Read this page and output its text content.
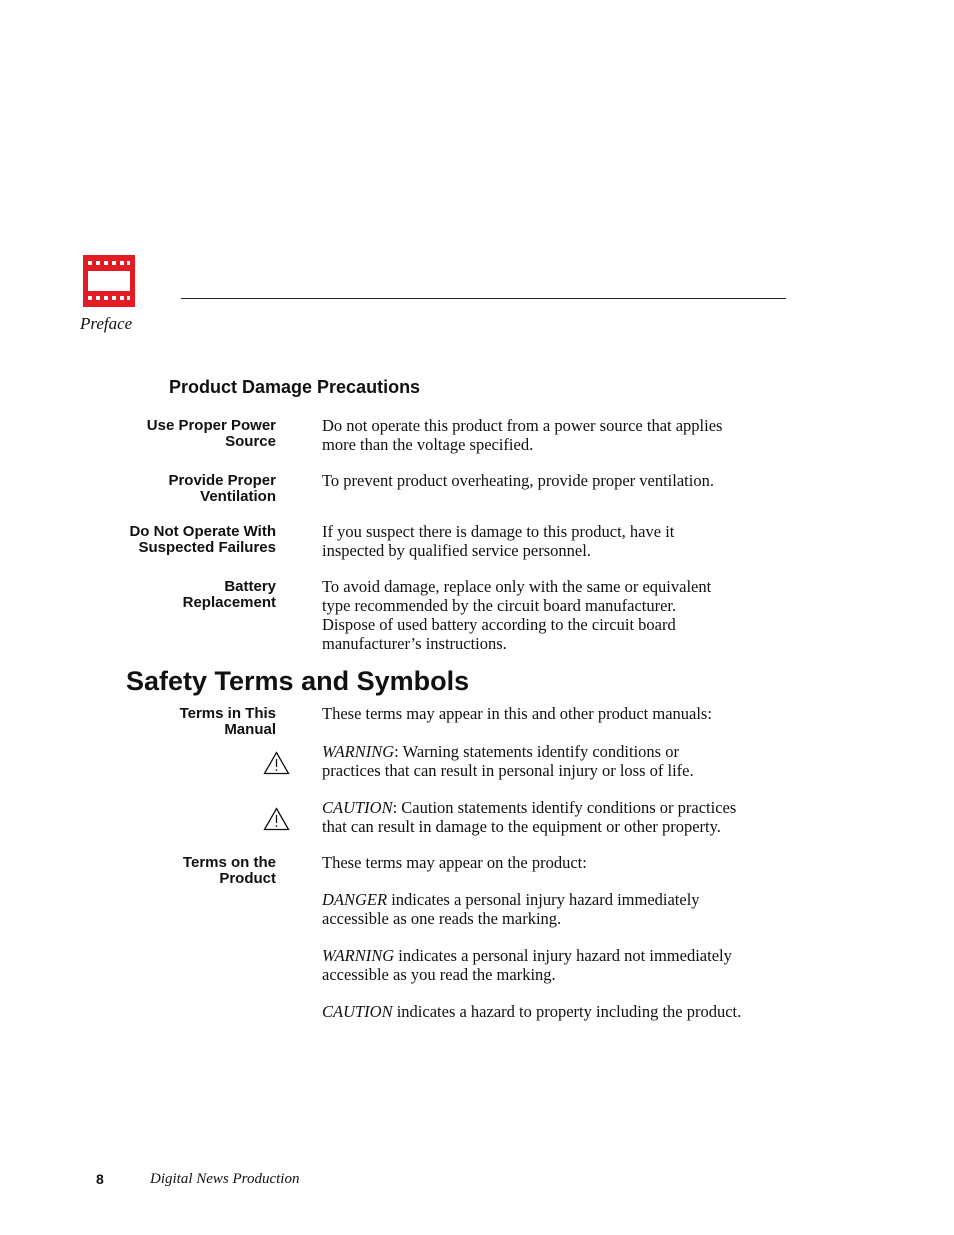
Preface

Product Damage Precautions

Use Proper Power
Source

Do not operate this product from a power source that applies
more than the voltage specified.

Provide Proper
Ventilation

To prevent product overheating, provide proper ventilation.

Do Not Operate With
Suspected Failures

If you suspect there is damage to this product, have it
inspected by qualified service personnel.

Battery
Replacement

To avoid damage, replace only with the same or equivalent
type recommended by the circuit board manufacturer.
Dispose of used battery according to the circuit board
manufacturer’s instructions.

Safety Terms and Symbols

Terms in This
Manual

These terms may appear in this and other product manuals:

WARNING: Warning statements identify conditions or
practices that can result in personal injury or loss of life.

CAUTION: Caution statements identify conditions or practices
that can result in damage to the equipment or other property.

Terms on the
Product

These terms may appear on the product:

DANGER indicates a personal injury hazard immediately
accessible as one reads the marking.

WARNING indicates a personal injury hazard not immediately
accessible as you read the marking.

CAUTION indicates a hazard to property including the product.

8	Digital News Production
